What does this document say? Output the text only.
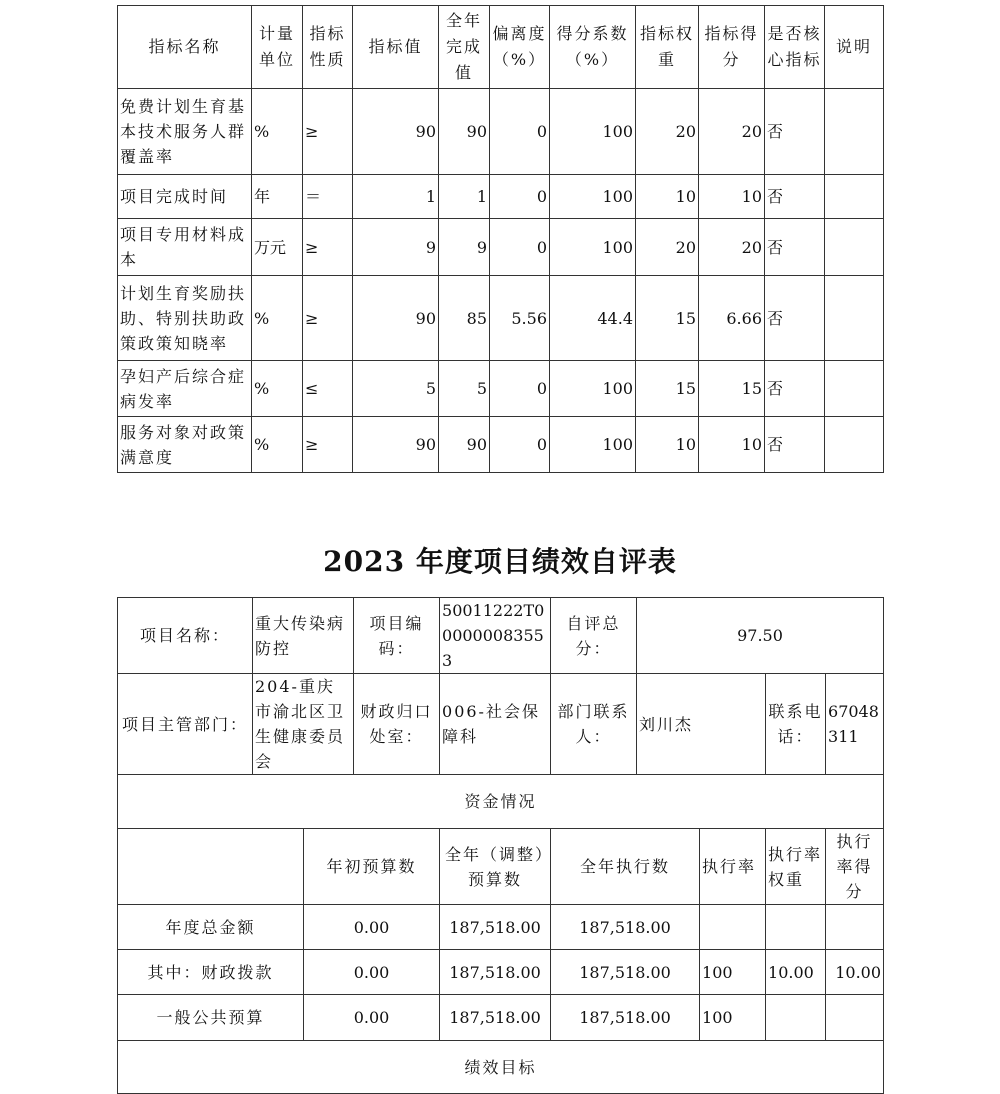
指标名称	计量单位	指标性质	指标值	全年完成值	偏离度（%）	得分系数（%）	指标权重	指标得分	是否核心指标	说明
免费计划生育基本技术服务人群覆盖率	%	≥	90	90	0	100	20	20	否	
项目完成时间	年	＝	1	1	0	100	10	10	否	
项目专用材料成本	万元	≥	9	9	0	100	20	20	否	
计划生育奖励扶助、特别扶助政策政策知晓率	%	≥	90	85	5.56	44.4	15	6.66	否	
孕妇产后综合症病发率	%	≤	5	5	0	100	15	15	否	
服务对象对政策满意度	%	≥	90	90	0	100	10	10	否	
2023 年度项目绩效自评表
项目名称：	重大传染病防控		项目编码：	50011222T000000083553	自评总分：	97.50			
项目主管部门：	204-重庆市渝北区卫生健康委员会		财政归口处室：	006-社会保障科	部门联系人：	刘川杰		联系电话：	67048311
资金情况									
		年初预算数		全年（调整）预算数	全年执行数		执行率	执行率权重	执行率得分
年度总金额		0.00		187,518.00	187,518.00				
其中：财政拨款		0.00		187,518.00	187,518.00		100	10.00	10.00
一般公共预算		0.00		187,518.00	187,518.00		100		
绩效目标									
